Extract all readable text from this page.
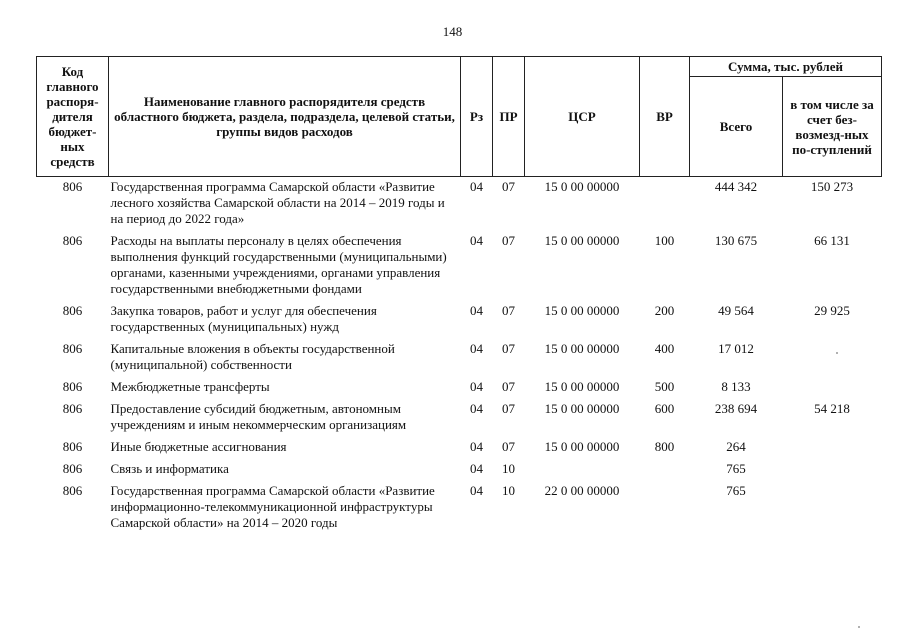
148
Код главного распоря-дителя бюджет-ных средств	Наименование главного распорядителя средств областного бюджета, раздела, подраздела, целевой статьи, группы видов расходов	Рз	ПР	ЦСР	ВР	Сумма, тыс. рублей	
						Всего	в том числе за счет без-возмезд-ных по-ступлений
806	Государственная программа Самарской области «Развитие лесного хозяйства Самарской области на 2014 – 2019 годы и на период до 2022 года»	04	07	15 0 00 00000		444 342	150 273
806	Расходы на выплаты персоналу в целях обеспечения выполнения функций государственными (муниципальными) органами, казенными учреждениями, органами управления государственными внебюджетными фондами	04	07	15 0 00 00000	100	130 675	66 131
806	Закупка товаров, работ и услуг для обеспечения государственных (муниципальных) нужд	04	07	15 0 00 00000	200	49 564	29 925
806	Капитальные вложения в объекты государственной (муниципальной) собственности	04	07	15 0 00 00000	400	17 012	
806	Межбюджетные трансферты	04	07	15 0 00 00000	500	8 133	
806	Предоставление субсидий бюджетным, автономным учреждениям и иным некоммерческим организациям	04	07	15 0 00 00000	600	238 694	54 218
806	Иные бюджетные ассигнования	04	07	15 0 00 00000	800	264	
806	Связь и информатика	04	10			765	
806	Государственная программа Самарской области «Развитие информационно-телекоммуникационной инфраструктуры Самарской области» на 2014 – 2020 годы	04	10	22 0 00 00000		765	
